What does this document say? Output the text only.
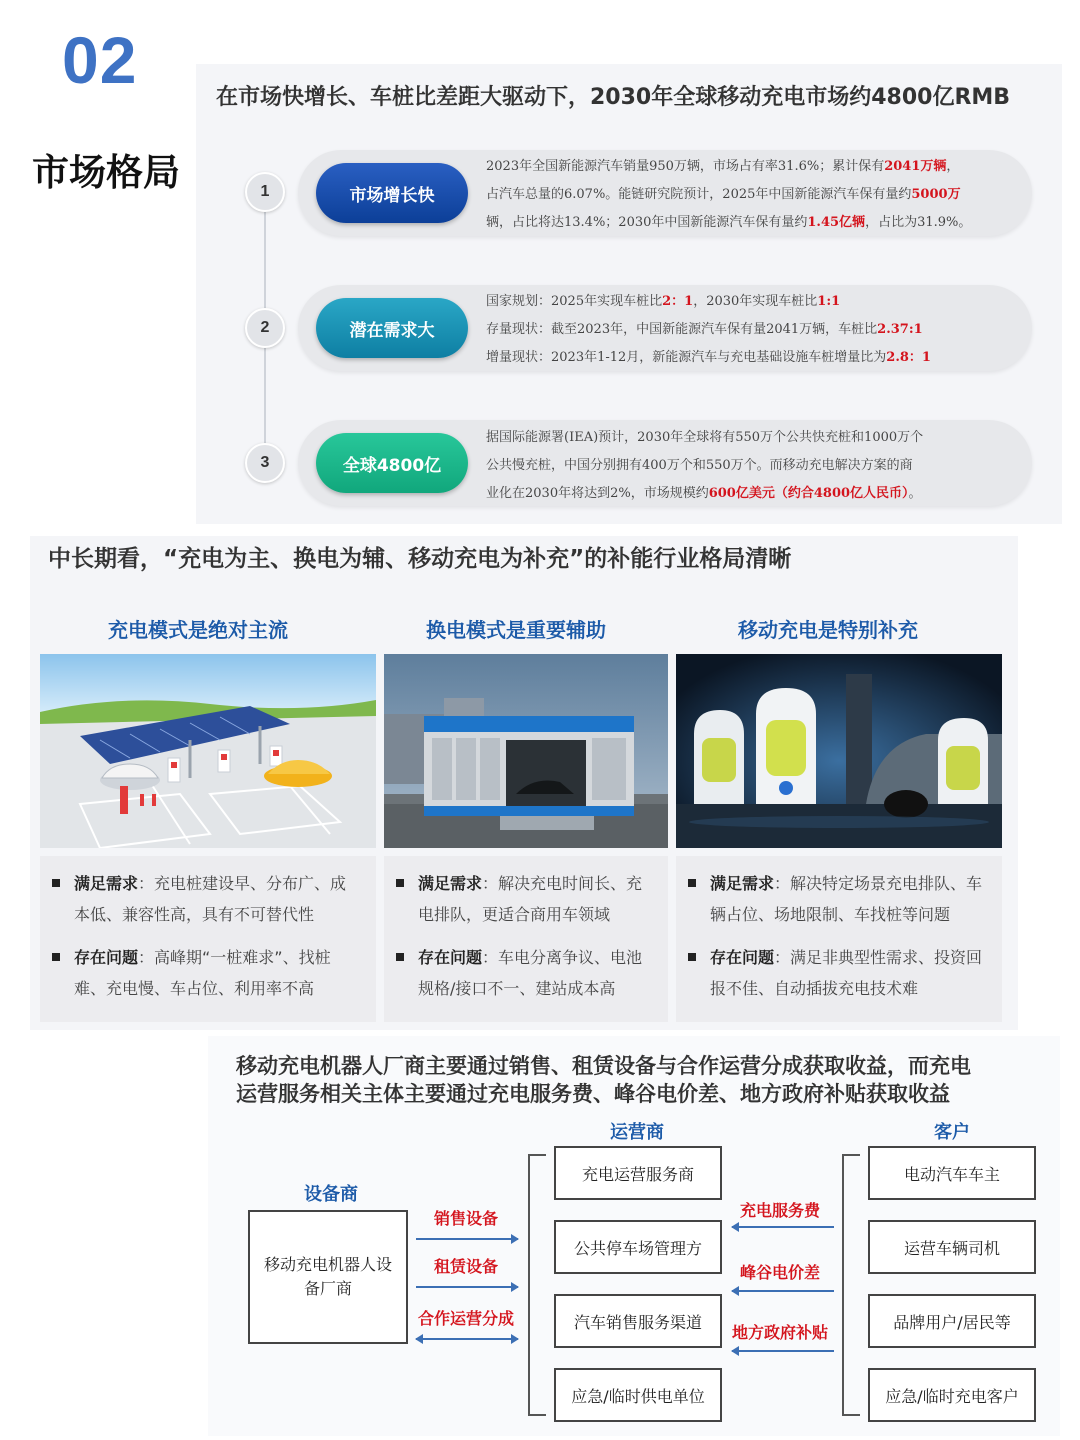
02
市场格局
在市场快增长、车桩比差距大驱动下，2030年全球移动充电市场约4800亿RMB
1	市场增长快

2023年全国新能源汽车销量950万辆，市场占有率31.6%；累计保有2041万辆，

占汽车总量的6.07%。能链研究院预计，2025年中国新能源汽车保有量约5000万

辆，占比将达13.4%；2030年中国新能源汽车保有量约1.45亿辆，占比为31.9%。

2	潜在需求大

国家规划：2025年实现车桩比2：1，2030年实现车桩比1:1

存量现状：截至2023年，中国新能源汽车保有量2041万辆，车桩比2.37:1

增量现状：2023年1-12月，新能源汽车与充电基础设施车桩增量比为2.8：1

3	全球4800亿

据国际能源署(IEA)预计，2030年全球将有550万个公共快充桩和1000万个

公共慢充桩，中国分别拥有400万个和550万个。而移动充电解决方案的商

业化在2030年将达到2%，市场规模约600亿美元（约合4800亿人民币）。

中长期看，“充电为主、换电为辅、移动充电为补充”的补能行业格局清晰
充电模式是绝对主流	换电模式是重要辅助	移动充电是特别补充
满足需求：充电桩建设早、分布广、成本低、兼容性高，具有不可替代性
存在问题：高峰期“一桩难求”、找桩难、充电慢、车占位、利用率不高
满足需求：解决充电时间长、充电排队，更适合商用车领域
存在问题：车电分离争议、电池规格/接口不一、建站成本高
满足需求：解决特定场景充电排队、车辆占位、场地限制、车找桩等问题
存在问题：满足非典型性需求、投资回报不佳、自动插拔充电技术难
移动充电机器人厂商主要通过销售、租赁设备与合作运营分成获取收益，而充电
运营服务相关主体主要通过充电服务费、峰谷电价差、地方政府补贴获取收益
设备商
移动充电机器人设备厂商
销售设备
租赁设备
合作运营分成
运营商
充电运营服务商
公共停车场管理方
汽车销售服务渠道
应急/临时供电单位
充电服务费
峰谷电价差
地方政府补贴
客户
电动汽车车主
运营车辆司机
品牌用户/居民等
应急/临时充电客户
